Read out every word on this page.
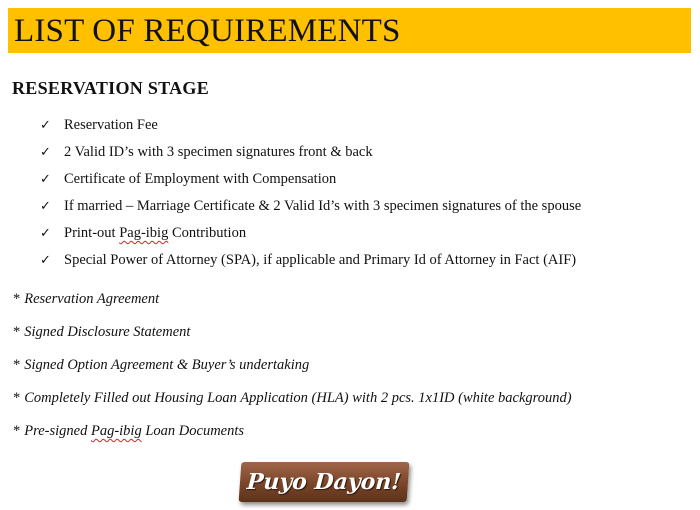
LIST OF REQUIREMENTS
RESERVATION STAGE
✓ Reservation Fee
✓ 2 Valid ID’s with 3 specimen signatures front & back
✓ Certificate of Employment with Compensation
✓ If married – Marriage Certificate & 2 Valid Id’s with 3 specimen signatures of the spouse
✓ Print-out Pag-ibig Contribution
✓ Special Power of Attorney (SPA), if applicable and Primary Id of Attorney in Fact (AIF)
* Reservation Agreement
* Signed Disclosure Statement
* Signed Option Agreement & Buyer’s undertaking
* Completely Filled out Housing Loan Application (HLA) with 2 pcs. 1x1ID (white background)
* Pre-signed Pag-ibig Loan Documents
Puyo Dayon!
